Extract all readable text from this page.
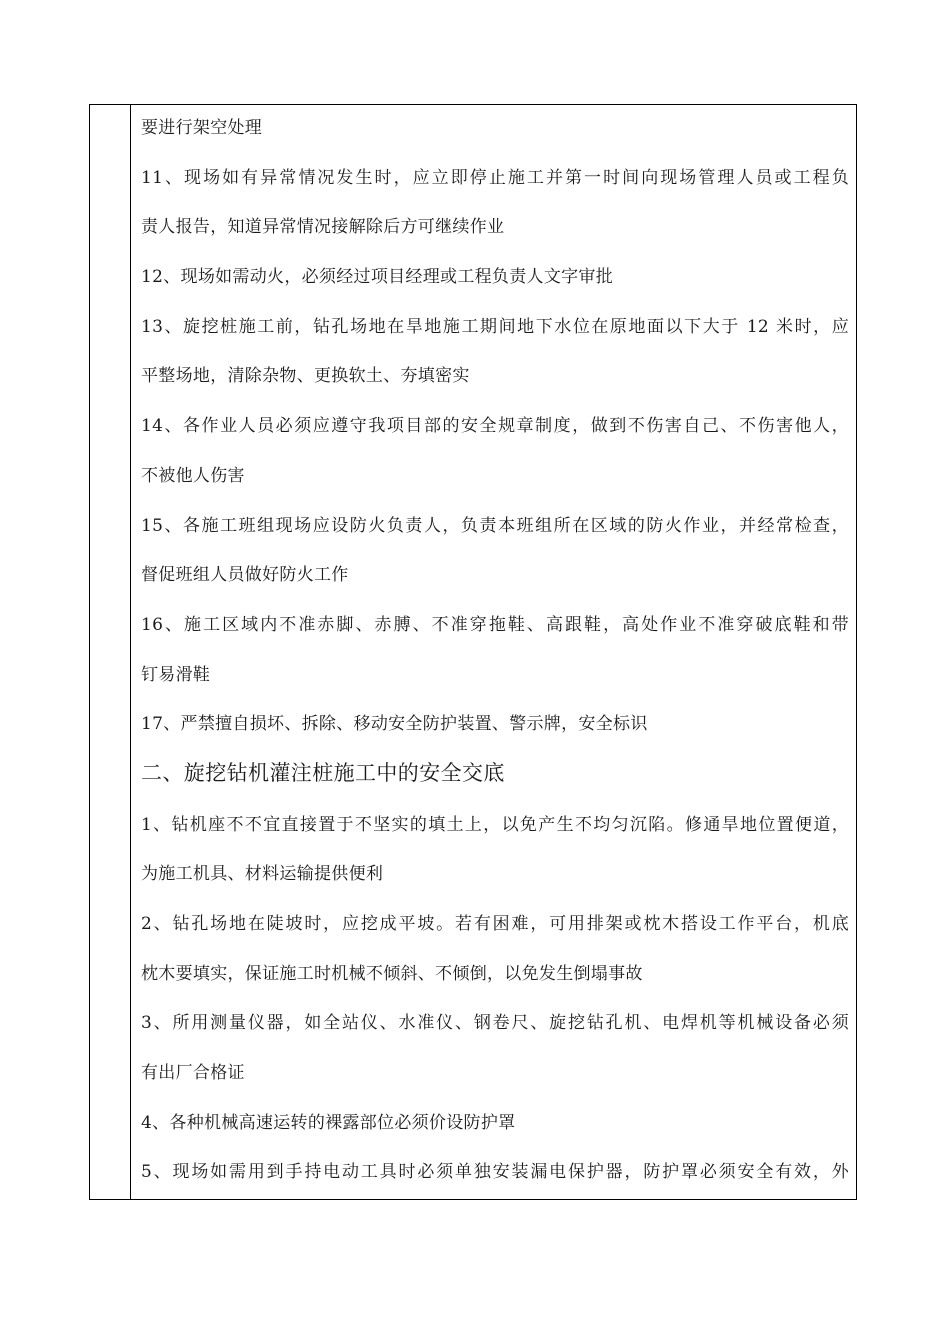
要进行架空处理
11、现场如有异常情况发生时，应立即停止施工并第一时间向现场管理人员或工程负
责人报告，知道异常情况接解除后方可继续作业
12、现场如需动火，必须经过项目经理或工程负责人文字审批
13、旋挖桩施工前，钻孔场地在旱地施工期间地下水位在原地面以下大于 12 米时，应
平整场地，清除杂物、更换软土、夯填密实
14、各作业人员必须应遵守我项目部的安全规章制度，做到不伤害自己、不伤害他人，
不被他人伤害
15、各施工班组现场应设防火负责人，负责本班组所在区域的防火作业，并经常检查，
督促班组人员做好防火工作
16、施工区域内不准赤脚、赤膊、不准穿拖鞋、高跟鞋，高处作业不准穿破底鞋和带
钉易滑鞋
17、严禁擅自损坏、拆除、移动安全防护装置、警示牌，安全标识
二、旋挖钻机灌注桩施工中的安全交底
1、钻机座不不宜直接置于不坚实的填土上，以免产生不均匀沉陷。修通旱地位置便道，
为施工机具、材料运输提供便利
2、钻孔场地在陡坡时，应挖成平坡。若有困难，可用排架或枕木搭设工作平台，机底
枕木要填实，保证施工时机械不倾斜、不倾倒，以免发生倒塌事故
3、所用测量仪器，如全站仪、水准仪、钢卷尺、旋挖钻孔机、电焊机等机械设备必须
有出厂合格证
4、各种机械高速运转的裸露部位必须价设防护罩
5、现场如需用到手持电动工具时必须单独安装漏电保护器，防护罩必须安全有效，外
